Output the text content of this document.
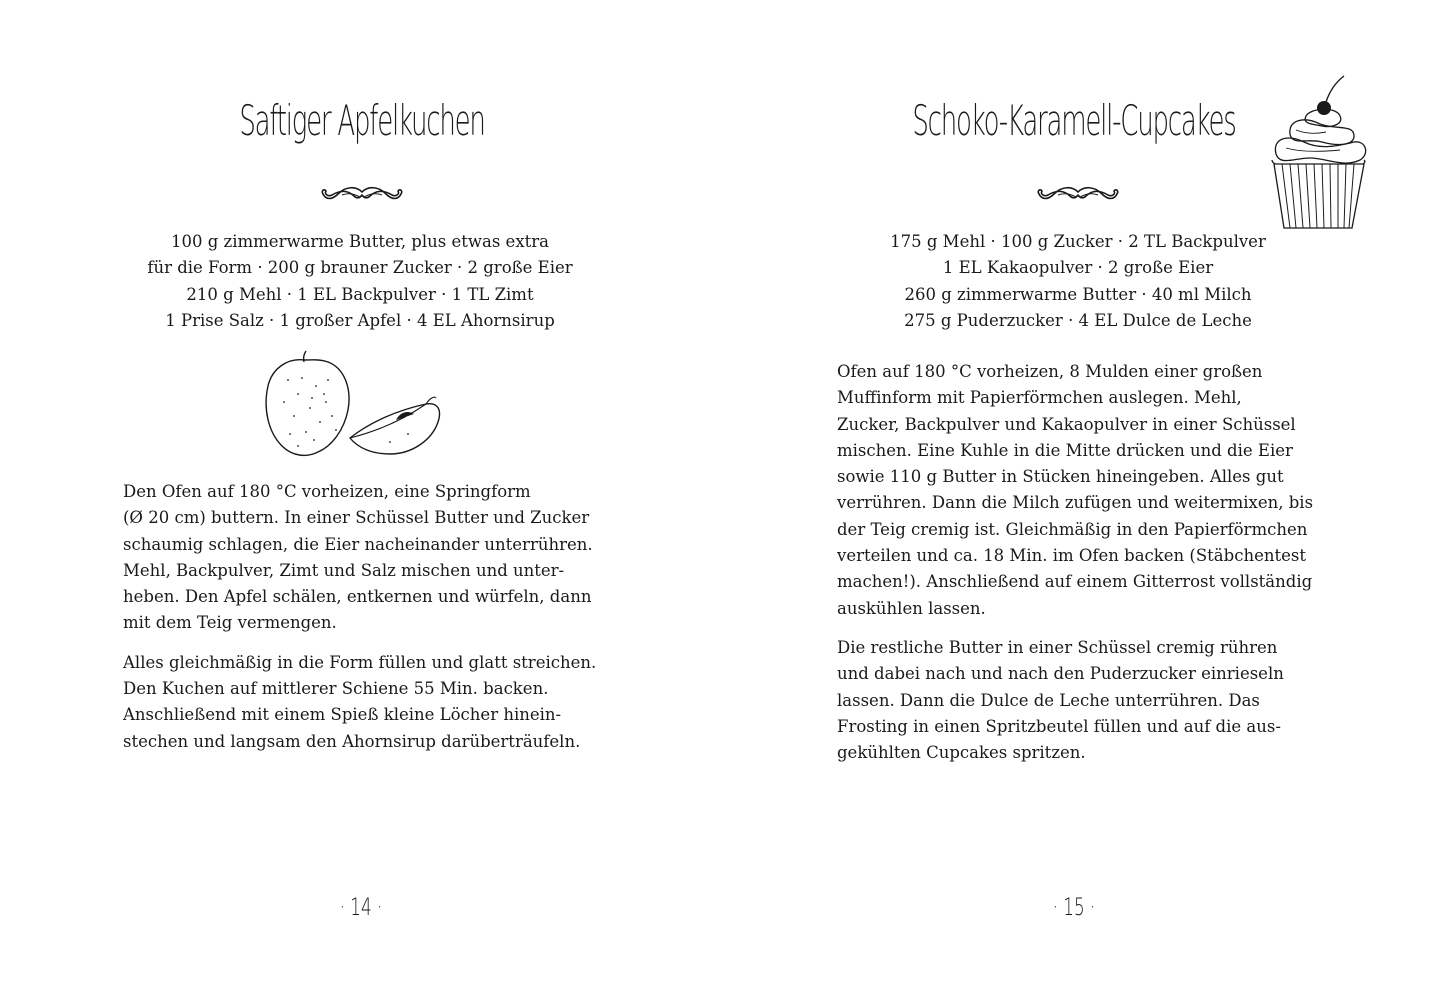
Saftiger Apfelkuchen
100 g zimmerwarme Butter, plus etwas extra
für die Form · 200 g brauner Zucker · 2 große Eier
210 g Mehl · 1 EL Backpulver · 1 TL Zimt
1 Prise Salz · 1 großer Apfel · 4 EL Ahornsirup

Den Ofen auf 180 °C vorheizen, eine Springform
(Ø 20 cm) buttern. In einer Schüssel Butter und Zucker
schaumig schlagen, die Eier nacheinander unterrühren.
Mehl, Backpulver, Zimt und Salz mischen und unter-
heben. Den Apfel schälen, entkernen und würfeln, dann
mit dem Teig vermengen.

Alles gleichmäßig in die Form füllen und glatt streichen.
Den Kuchen auf mittlerer Schiene 55 Min. backen.
Anschließend mit einem Spieß kleine Löcher hinein-
stechen und langsam den Ahornsirup darüberträufeln.

· 14 ·
Schoko-Karamell-Cupcakes
175 g Mehl · 100 g Zucker · 2 TL Backpulver
1 EL Kakaopulver · 2 große Eier
260 g zimmerwarme Butter · 40 ml Milch
275 g Puderzucker · 4 EL Dulce de Leche

Ofen auf 180 °C vorheizen, 8 Mulden einer großen
Muffinform mit Papierförmchen auslegen. Mehl,
Zucker, Backpulver und Kakaopulver in einer Schüssel
mischen. Eine Kuhle in die Mitte drücken und die Eier
sowie 110 g Butter in Stücken hineingeben. Alles gut
verrühren. Dann die Milch zufügen und weitermixen, bis
der Teig cremig ist. Gleichmäßig in den Papierförmchen
verteilen und ca. 18 Min. im Ofen backen (Stäbchentest
machen!). Anschließend auf einem Gitterrost vollständig
auskühlen lassen.

Die restliche Butter in einer Schüssel cremig rühren
und dabei nach und nach den Puderzucker einrieseln
lassen. Dann die Dulce de Leche unterrühren. Das
Frosting in einen Spritzbeutel füllen und auf die aus-
gekühlten Cupcakes spritzen.

· 15 ·
